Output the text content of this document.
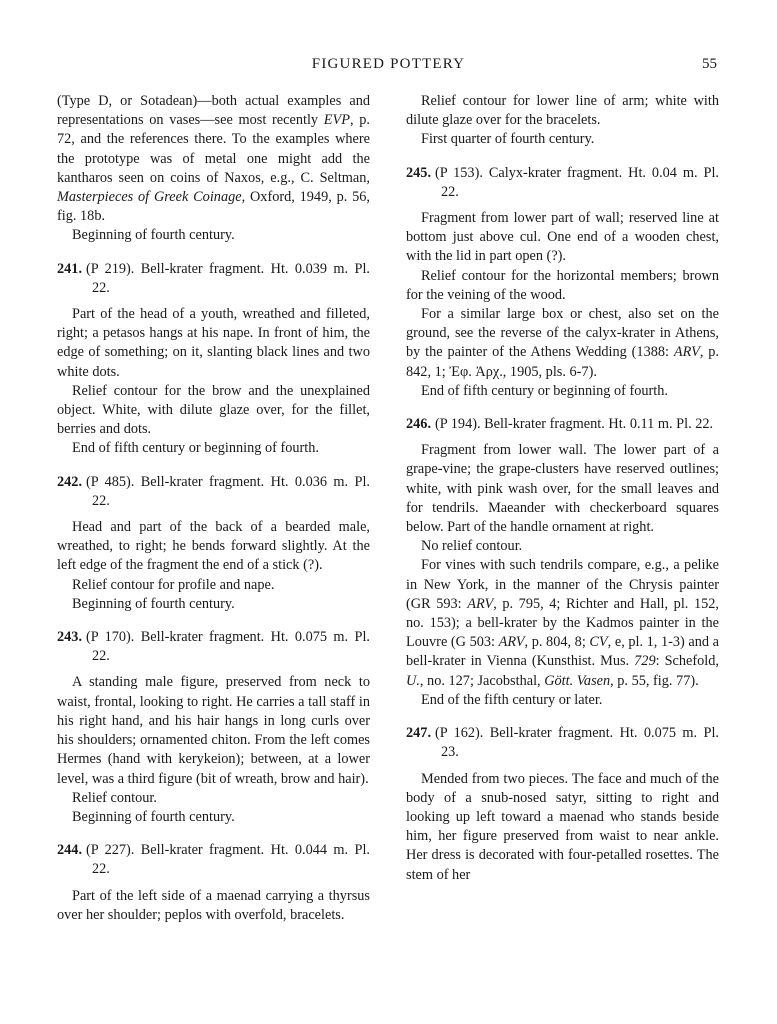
FIGURED POTTERY	55

(Type D, or Sotadean)—both actual examples and representations on vases—see most recently EVP, p. 72, and the references there. To the examples where the prototype was of metal one might add the kantharos seen on coins of Naxos, e.g., C. Seltman, Masterpieces of Greek Coinage, Oxford, 1949, p. 56, fig. 18b.

Beginning of fourth century.

241. (P 219). Bell-krater fragment. Ht. 0.039 m. Pl. 22.

Part of the head of a youth, wreathed and filleted, right; a petasos hangs at his nape. In front of him, the edge of something; on it, slanting black lines and two white dots.

Relief contour for the brow and the unexplained object. White, with dilute glaze over, for the fillet, berries and dots.

End of fifth century or beginning of fourth.

242. (P 485). Bell-krater fragment. Ht. 0.036 m. Pl. 22.

Head and part of the back of a bearded male, wreathed, to right; he bends forward slightly. At the left edge of the fragment the end of a stick (?).

Relief contour for profile and nape.

Beginning of fourth century.

243. (P 170). Bell-krater fragment. Ht. 0.075 m. Pl. 22.

A standing male figure, preserved from neck to waist, frontal, looking to right. He carries a tall staff in his right hand, and his hair hangs in long curls over his shoulders; ornamented chiton. From the left comes Hermes (hand with kerykeion); between, at a lower level, was a third figure (bit of wreath, brow and hair).

Relief contour.

Beginning of fourth century.

244. (P 227). Bell-krater fragment. Ht. 0.044 m. Pl. 22.

Part of the left side of a maenad carrying a thyrsus over her shoulder; peplos with overfold, bracelets.

Relief contour for lower line of arm; white with dilute glaze over for the bracelets.

First quarter of fourth century.

245. (P 153). Calyx-krater fragment. Ht. 0.04 m. Pl. 22.

Fragment from lower part of wall; reserved line at bottom just above cul. One end of a wooden chest, with the lid in part open (?).

Relief contour for the horizontal members; brown for the veining of the wood.

For a similar large box or chest, also set on the ground, see the reverse of the calyx-krater in Athens, by the painter of the Athens Wedding (1388: ARV, p. 842, 1; Ἐφ. Ἀρχ., 1905, pls. 6-7).

End of fifth century or beginning of fourth.

246. (P 194). Bell-krater fragment. Ht. 0.11 m. Pl. 22.

Fragment from lower wall. The lower part of a grape-vine; the grape-clusters have reserved outlines; white, with pink wash over, for the small leaves and for tendrils. Maeander with checkerboard squares below. Part of the handle ornament at right.

No relief contour.

For vines with such tendrils compare, e.g., a pelike in New York, in the manner of the Chrysis painter (GR 593: ARV, p. 795, 4; Richter and Hall, pl. 152, no. 153); a bell-krater by the Kadmos painter in the Louvre (G 503: ARV, p. 804, 8; CV, e, pl. 1, 1-3) and a bell-krater in Vienna (Kunsthist. Mus. 729: Schefold, U., no. 127; Jacobsthal, Gött. Vasen, p. 55, fig. 77).

End of the fifth century or later.

247. (P 162). Bell-krater fragment. Ht. 0.075 m. Pl. 23.

Mended from two pieces. The face and much of the body of a snub-nosed satyr, sitting to right and looking up left toward a maenad who stands beside him, her figure preserved from waist to near ankle. Her dress is decorated with four-petalled rosettes. The stem of her
